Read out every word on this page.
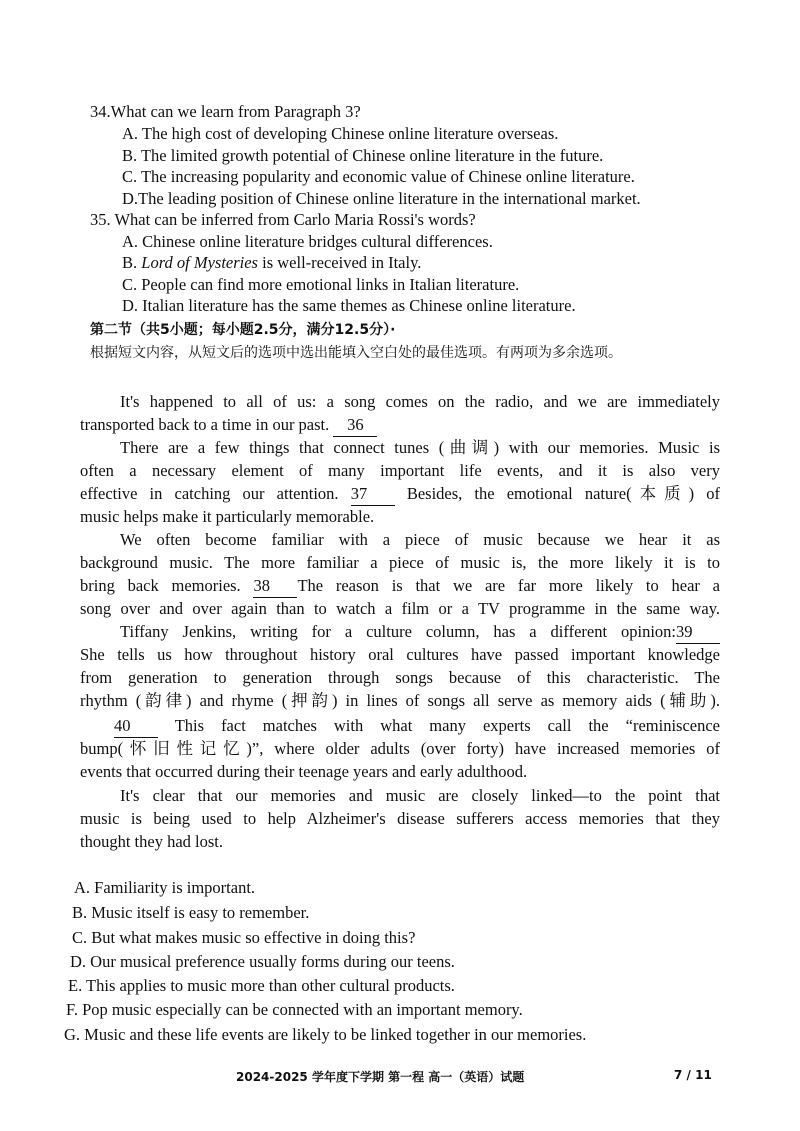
34.What can we learn from Paragraph 3?
A. The high cost of developing Chinese online literature overseas.
B. The limited growth potential of Chinese online literature in the future.
C. The increasing popularity and economic value of Chinese online literature.
D.The leading position of Chinese online literature in the international market.
35. What can be inferred from Carlo Maria Rossi's words?
A. Chinese online literature bridges cultural differences.
B. Lord of Mysteries is well-received in Italy.
C. People can find more emotional links in Italian literature.
D. Italian literature has the same themes as Chinese online literature.
第二节（共5小题；每小题2.5分，满分12.5分）·
根据短文内容，从短文后的选项中选出能填入空白处的最佳选项。有两项为多余选项。
It's happened to all of us: a song comes on the radio, and we are immediately
transported back to a time in our past. 36
There are a few things that connect tunes (曲调) with our memories. Music is
often a necessary element of many important life events, and it is also very
effective in catching our attention. 37 Besides, the emotional nature(本质) of
music helps make it particularly memorable.
We often become familiar with a piece of music because we hear it as
background music. The more familiar a piece of music is, the more likely it is to
bring back memories. 38 The reason is that we are far more likely to hear a
song over and over again than to watch a film or a TV programme in the same way.
Tiffany Jenkins, writing for a culture column, has a different opinion:39
She tells us how throughout history oral cultures have passed important knowledge
from generation to generation through songs because of this characteristic. The
rhythm (韵律) and rhyme (押韵) in lines of songs all serve as memory aids (辅助).
40	This fact matches with what many experts call the “reminiscence
bump(怀旧性记忆)”, where older adults (over forty) have increased memories of
events that occurred during their teenage years and early adulthood.
It's clear that our memories and music are closely linked—to the point that
music is being used to help Alzheimer's disease sufferers access memories that they
thought they had lost.
A. Familiarity is important.
B. Music itself is easy to remember.
C. But what makes music so effective in doing this?
D. Our musical preference usually forms during our teens.
E. This applies to music more than other cultural products.
F. Pop music especially can be connected with an important memory.
G. Music and these life events are likely to be linked together in our memories.
2024-2025 学年度下学期 第一程 高一（英语）试题	7 / 11
